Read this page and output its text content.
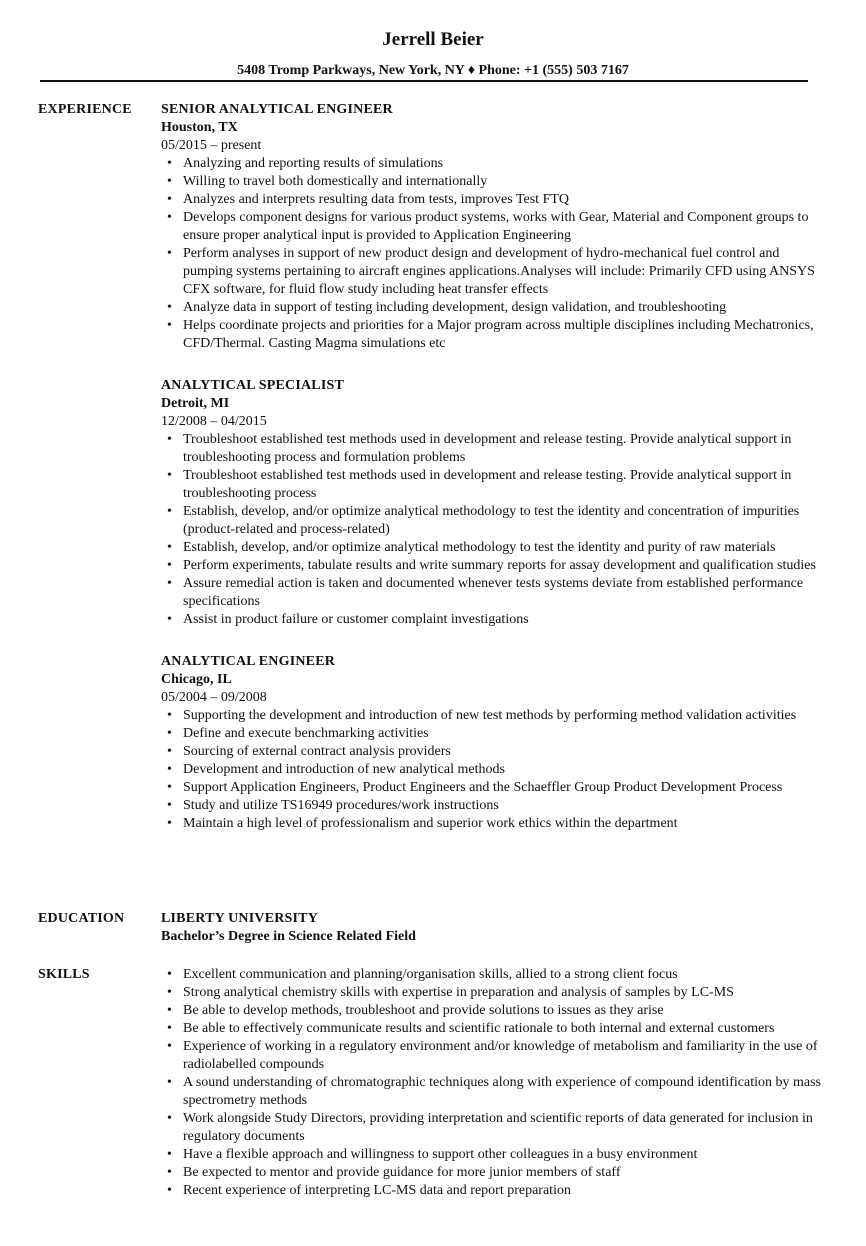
Jerrell Beier
5408 Tromp Parkways, New York, NY ♦ Phone: +1 (555) 503 7167
EXPERIENCE SENIOR ANALYTICAL ENGINEER
Houston, TX
05/2015 – present
• Analyzing and reporting results of simulations
• Willing to travel both domestically and internationally
• Analyzes and interprets resulting data from tests, improves Test FTQ
• Develops component designs for various product systems, works with Gear, Material and Component groups to ensure proper analytical input is provided to Application Engineering
• Perform analyses in support of new product design and development of hydro-mechanical fuel control and pumping systems pertaining to aircraft engines applications.Analyses will include: Primarily CFD using ANSYS CFX software, for fluid flow study including heat transfer effects
• Analyze data in support of testing including development, design validation, and troubleshooting
• Helps coordinate projects and priorities for a Major program across multiple disciplines including Mechatronics, CFD/Thermal. Casting Magma simulations etc
ANALYTICAL SPECIALIST
Detroit, MI
12/2008 – 04/2015
• Troubleshoot established test methods used in development and release testing. Provide analytical support in troubleshooting process and formulation problems
• Troubleshoot established test methods used in development and release testing. Provide analytical support in troubleshooting process
• Establish, develop, and/or optimize analytical methodology to test the identity and concentration of impurities (product-related and process-related)
• Establish, develop, and/or optimize analytical methodology to test the identity and purity of raw materials
• Perform experiments, tabulate results and write summary reports for assay development and qualification studies
• Assure remedial action is taken and documented whenever tests systems deviate from established performance specifications
• Assist in product failure or customer complaint investigations
ANALYTICAL ENGINEER
Chicago, IL
05/2004 – 09/2008
• Supporting the development and introduction of new test methods by performing method validation activities
• Define and execute benchmarking activities
• Sourcing of external contract analysis providers
• Development and introduction of new analytical methods
• Support Application Engineers, Product Engineers and the Schaeffler Group Product Development Process
• Study and utilize TS16949 procedures/work instructions
• Maintain a high level of professionalism and superior work ethics within the department
EDUCATION	LIBERTY UNIVERSITY
Bachelor’s Degree in Science Related Field
SKILLS
•	Excellent communication and planning/organisation skills, allied to a strong client focus
• Strong analytical chemistry skills with expertise in preparation and analysis of samples by LC-MS
• Be able to develop methods, troubleshoot and provide solutions to issues as they arise
• Be able to effectively communicate results and scientific rationale to both internal and external customers
• Experience of working in a regulatory environment and/or knowledge of metabolism and familiarity in the use of radiolabelled compounds
• A sound understanding of chromatographic techniques along with experience of compound identification by mass spectrometry methods
• Work alongside Study Directors, providing interpretation and scientific reports of data generated for inclusion in regulatory documents
• Have a flexible approach and willingness to support other colleagues in a busy environment
• Be expected to mentor and provide guidance for more junior members of staff
• Recent experience of interpreting LC-MS data and report preparation
